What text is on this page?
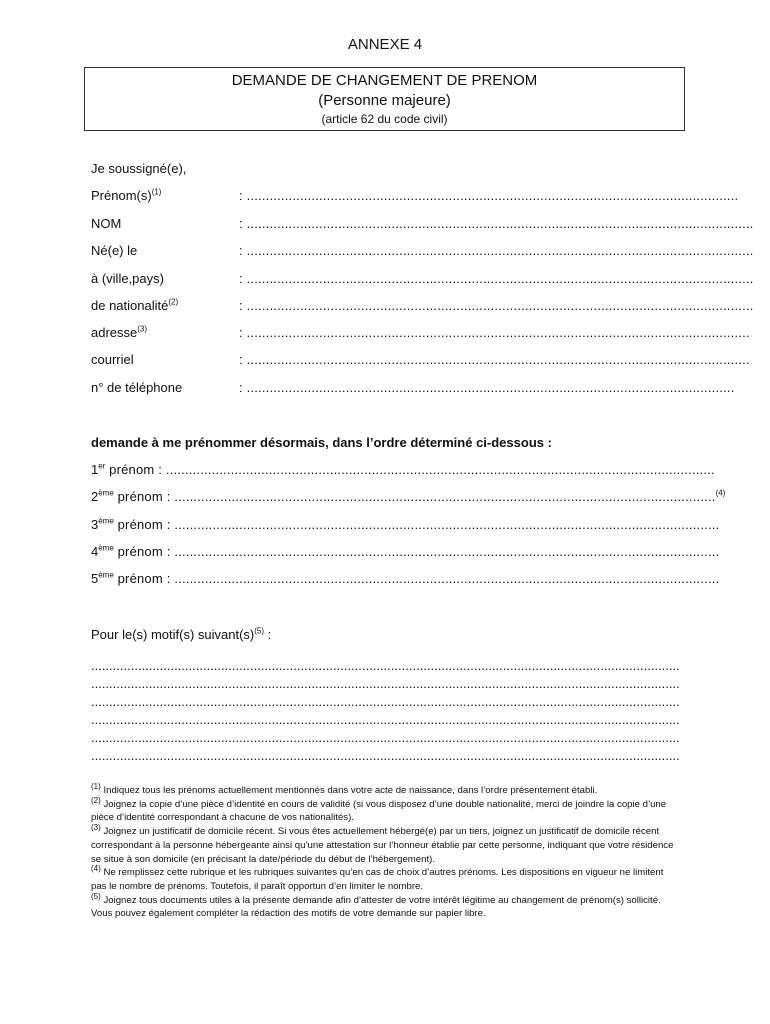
ANNEXE 4
DEMANDE DE CHANGEMENT DE PRENOM
(Personne majeure)
(article 62 du code civil)
Je soussigné(e),
$Prénom(s)^{(1)}$	: .................................................................................................................................
NOM	: .....................................................................................................................................
Né(e) le	: .....................................................................................................................................
à (ville,pays)	: .....................................................................................................................................
de nationalité$^{(2)}$	: .....................................................................................................................................
adresse$^{(3)}$	: ....................................................................................................................................
courriel	: ....................................................................................................................................
n° de téléphone	: ................................................................................................................................
demande à me prénommer désormais, dans l’ordre déterminé ci-dessous :
1er prénom : ................................................................................................................................................
2ème prénom : ..............................................................................................................................................$^{(4)}$
3ème prénom : ...............................................................................................................................................
4ème prénom : ...............................................................................................................................................
5ème prénom : ...............................................................................................................................................
Pour le(s) motif(s) $suivant(s)^{(5)}$ :
...................................................................................................................................................................
...................................................................................................................................................................
...................................................................................................................................................................
...................................................................................................................................................................
...................................................................................................................................................................
...................................................................................................................................................................

$^{(1)}$ Indiquez tous les prénoms actuellement mentionnés dans votre acte de naissance, dans l’ordre présentement établi.

$^{(2)}$ Joignez la copie d’une pièce d’identité en cours de validité (si vous disposez d’une double nationalité, merci de joindre la copie d’une pièce d’identité correspondant à chacune de vos nationalités).

$^{(3)}$ Joignez un justificatif de domicile récent. Si vous êtes actuellement hébergé(e) par un tiers, joignez un justificatif de domicile récent correspondant à la personne hébergeante ainsi qu’une attestation sur l’honneur établie par cette personne, indiquant que votre résidence se situe à son domicile (en précisant la date/période du début de l’hébergement).

$^{(4)}$ Ne remplissez cette rubrique et les rubriques suivantes qu’en cas de choix d’autres prénoms. Les dispositions en vigueur ne limitent pas le nombre de prénoms. Toutefois, il paraît opportun d’en limiter le nombre.

$^{(5)}$ Joignez tous documents utiles à la présente demande afin d’attester de votre intérêt légitime au changement de prénom(s) sollicité. Vous pouvez également compléter la rédaction des motifs de votre demande sur papier libre.
